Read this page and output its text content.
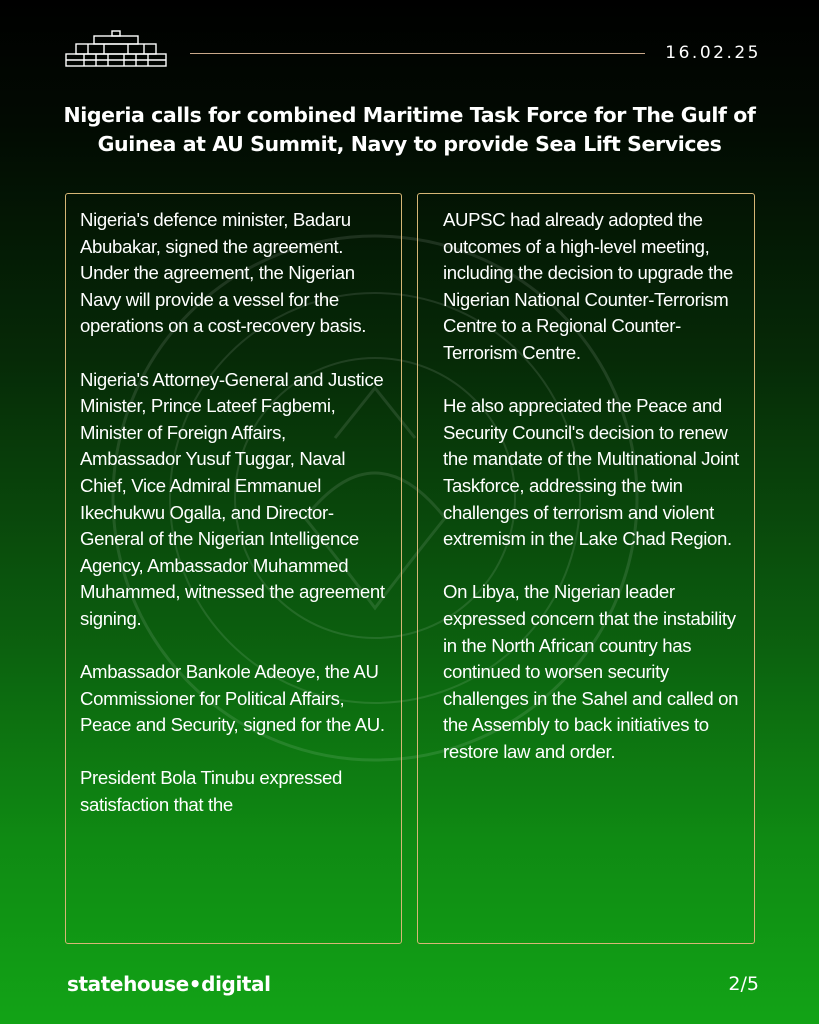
16.02.25
Nigeria calls for combined Maritime Task Force for The Gulf of Guinea at AU Summit, Navy to provide Sea Lift Services

Nigeria's defence minister, Badaru Abubakar, signed the agreement. Under the agreement, the Nigerian Navy will provide a vessel for the operations on a cost-recovery basis.

Nigeria's Attorney-General and Justice Minister, Prince Lateef Fagbemi, Minister of Foreign Affairs, Ambassador Yusuf Tuggar, Naval Chief, Vice Admiral Emmanuel Ikechukwu Ogalla, and Director-General of the Nigerian Intelligence Agency, Ambassador Muhammed Muhammed, witnessed the agreement signing.

Ambassador Bankole Adeoye, the AU Commissioner for Political Affairs, Peace and Security, signed for the AU.

President Bola Tinubu expressed satisfaction that the

AUPSC had already adopted the outcomes of a high-level meeting, including the decision to upgrade the Nigerian National Counter-Terrorism Centre to a Regional Counter-Terrorism Centre.

He also appreciated the Peace and Security Council's decision to renew the mandate of the Multinational Joint Taskforce, addressing the twin challenges of terrorism and violent extremism in the Lake Chad Region.

On Libya, the Nigerian leader expressed concern that the instability in the North African country has continued to worsen security challenges in the Sahel and called on the Assembly to back initiatives to restore law and order.

statehouse•digital	2/5
